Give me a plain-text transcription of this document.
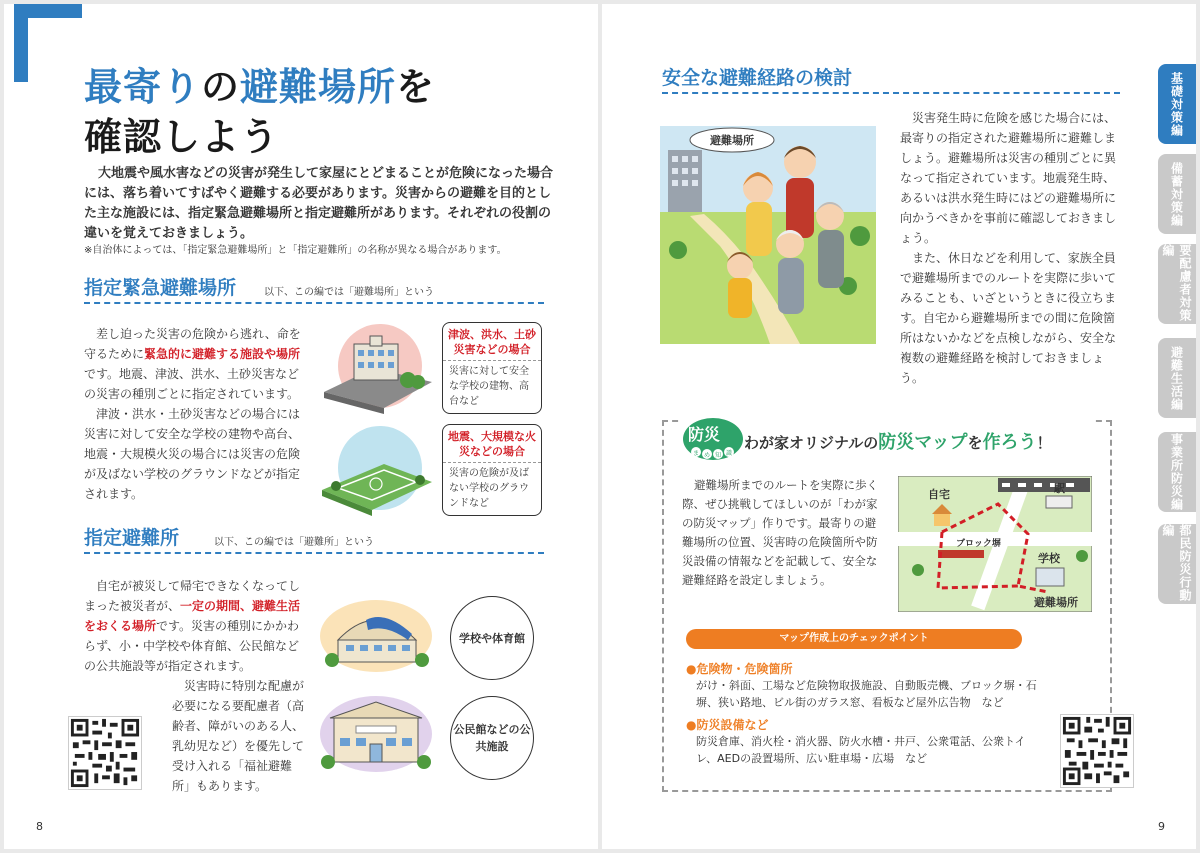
最寄りの避難場所を
確認しよう

大地震や風水害などの災害が発生して家屋にとどまることが危険になった場合には、落ち着いてすばやく避難する必要があります。災害からの避難を目的とした主な施設には、指定緊急避難場所と指定避難所があります。それぞれの役割の違いを覚えておきましょう。

※自治体によっては、「指定緊急避難場所」と「指定避難所」の名称が異なる場合があります。

指定緊急避難場所	以下、この編では「避難場所」という

差し迫った災害の危険から逃れ、命を守るために緊急的に避難する施設や場所です。地震、津波、洪水、土砂災害などの災害の種別ごとに指定されています。

津波・洪水・土砂災害などの場合には災害に対して安全な学校の建物や高台、地震・大規模火災の場合には災害の危険が及ばない学校のグラウンドなどが指定されます。

津波、洪水、土砂災害などの場合
災害に対して安全な学校の建物、高台など
地震、大規模な火災などの場合
災害の危険が及ばない学校のグラウンドなど
指定避難所	以下、この編では「避難所」という

自宅が被災して帰宅できなくなってしまった被災者が、一定の期間、避難生活をおくる場所です。災害の種別にかかわらず、小・中学校や体育館、公民館などの公共施設等が指定されます。

災害時に特別な配慮が必要になる要配慮者（高齢者、障がいのある人、乳幼児など）を優先して受け入れる「福祉避難所」もあります。

学校や体育館
公民館などの公共施設
8
安全な避難経路の検討
避難場所

災害発生時に危険を感じた場合には、最寄りの指定された避難場所に避難しましょう。避難場所は災害の種別ごとに異なって指定されています。地震発生時、あるいは洪水発生時にはどの避難場所に向かうべきかを事前に確認しておきましょう。

また、休日などを利用して、家族全員で避難場所までのルートを実際に歩いてみることも、いざというときに役立ちます。自宅から避難場所までの間に危険箇所はないかなどを点検しながら、安全な複数の避難経路を検討しておきましょう。

防災
ま め 知 識
わが家オリジナルの防災マップを作ろう！

避難場所までのルートを実際に歩く際、ぜひ挑戦してほしいのが「わが家の防災マップ」作りです。最寄りの避難場所の位置、災害時の危険箇所や防災設備の情報などを記載して、安全な避難経路を設定しましょう。

自宅	駅
ブロック塀
学校
避難場所
マップ作成上のチェックポイント
●危険物・危険箇所
がけ・斜面、工場など危険物取扱施設、自動販売機、ブロック塀・石塀、狭い路地、ビル街のガラス窓、看板など屋外広告物　など
●防災設備など
防災倉庫、消火栓・消火器、防火水槽・井戸、公衆電話、公衆トイレ、AEDの設置場所、広い駐車場・広場　など
9
基礎対策編
備蓄対策編
要配慮者対策編
避難生活編
事業所防災編
都民防災行動編
